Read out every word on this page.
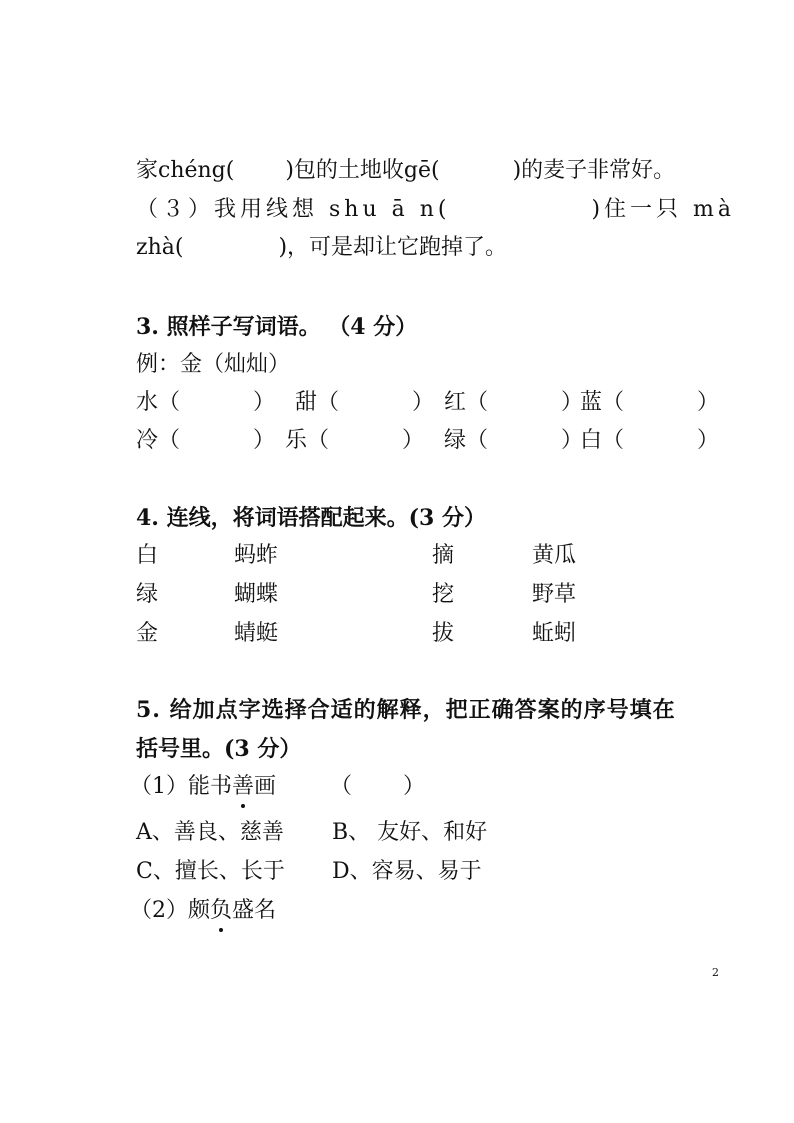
家chéng(　　 )包的土地收gē(　　　 )的麦子非常好。
（３）我用线想 shu ā n(　　　　　 )住一只 mà
zhà(　　　　 )，可是却让它跑掉了。
3. 照样子写词语。 （4 分）
例：金（灿灿）
水（　　　 ） 甜（　　　 ） 红（　　　 ）
蓝（　　　 ）
冷（　　　 ） 乐（　　　 ） 绿（　　　 ）
白（　　　 ）
4. 连线，将词语搭配起来。(3 分）
白	蚂蚱	摘	黄瓜
绿	蝴蝶	挖	野草
金	蜻蜓	拔	蚯蚓
5. 给加点字选择合适的解释，把正确答案的序号填在
括号里。(3 分）
（1）能书善画 （　　 ）
A、善良、慈善 B、 友好、和好
C、擅长、长于 D、容易、易于
（2）颇负盛名
2
